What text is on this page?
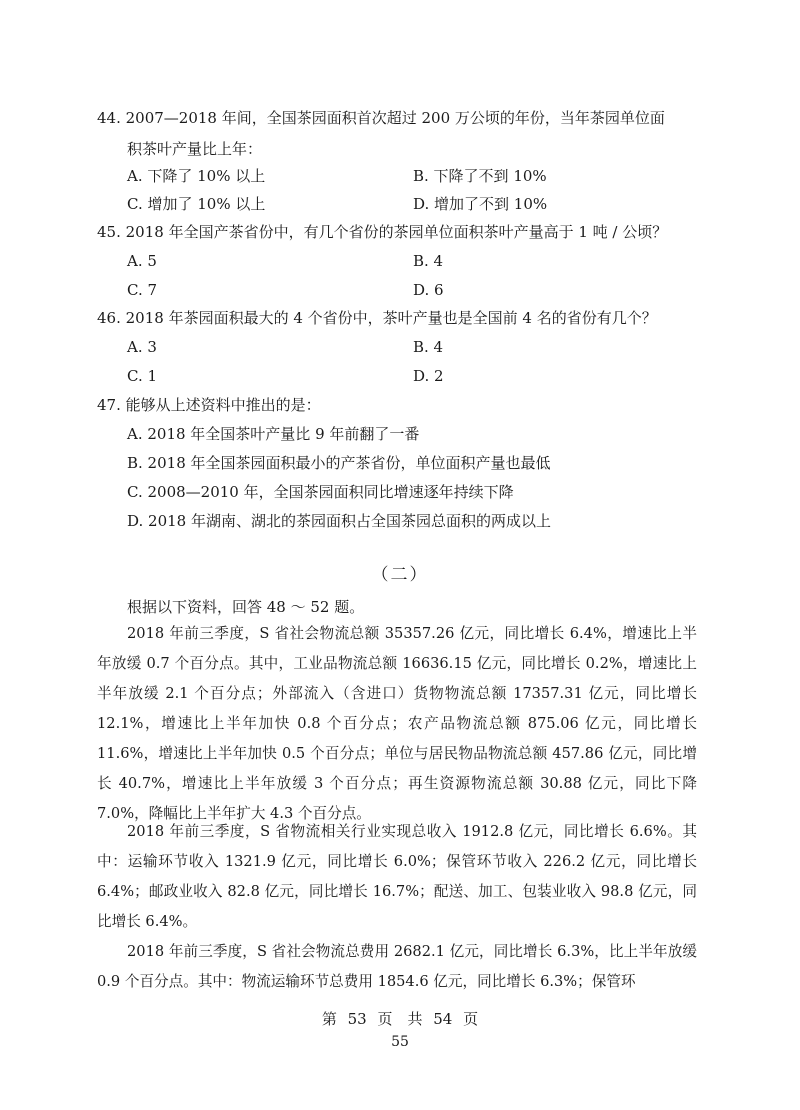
44. 2007—2018 年间，全国茶园面积首次超过 200 万公顷的年份，当年茶园单位面
积茶叶产量比上年：
A. 下降了 10% 以上	B. 下降了不到 10%
C. 增加了 10% 以上	D. 增加了不到 10%
45. 2018 年全国产茶省份中，有几个省份的茶园单位面积茶叶产量高于 1 吨 / 公顷？
A. 5	B. 4
C. 7	D. 6
46. 2018 年茶园面积最大的 4 个省份中，茶叶产量也是全国前 4 名的省份有几个？
A. 3	B. 4
C. 1	D. 2
47. 能够从上述资料中推出的是：
A. 2018 年全国茶叶产量比 9 年前翻了一番
B. 2018 年全国茶园面积最小的产茶省份，单位面积产量也最低
C. 2008—2010 年，全国茶园面积同比增速逐年持续下降
D. 2018 年湖南、湖北的茶园面积占全国茶园总面积的两成以上
（二）
根据以下资料，回答 48 ～ 52 题。
2018 年前三季度，S 省社会物流总额 35357.26 亿元，同比增长 6.4%，增速比上半年放缓 0.7 个百分点。其中，工业品物流总额 16636.15 亿元，同比增长 0.2%，增速比上半年放缓 2.1 个百分点；外部流入（含进口）货物物流总额 17357.31 亿元，同比增长 12.1%，增速比上半年加快 0.8 个百分点；农产品物流总额 875.06 亿元，同比增长 11.6%，增速比上半年加快 0.5 个百分点；单位与居民物品物流总额 457.86 亿元，同比增长 40.7%，增速比上半年放缓 3 个百分点；再生资源物流总额 30.88 亿元，同比下降 7.0%，降幅比上半年扩大 4.3 个百分点。
2018 年前三季度，S 省物流相关行业实现总收入 1912.8 亿元，同比增长 6.6%。其中：运输环节收入 1321.9 亿元，同比增长 6.0%；保管环节收入 226.2 亿元，同比增长 6.4%；邮政业收入 82.8 亿元，同比增长 16.7%；配送、加工、包装业收入 98.8 亿元，同比增长 6.4%。
2018 年前三季度，S 省社会物流总费用 2682.1 亿元，同比增长 6.3%，比上半年放缓 0.9 个百分点。其中：物流运输环节总费用 1854.6 亿元，同比增长 6.3%；保管环
第 53 页　共 54 页
55
